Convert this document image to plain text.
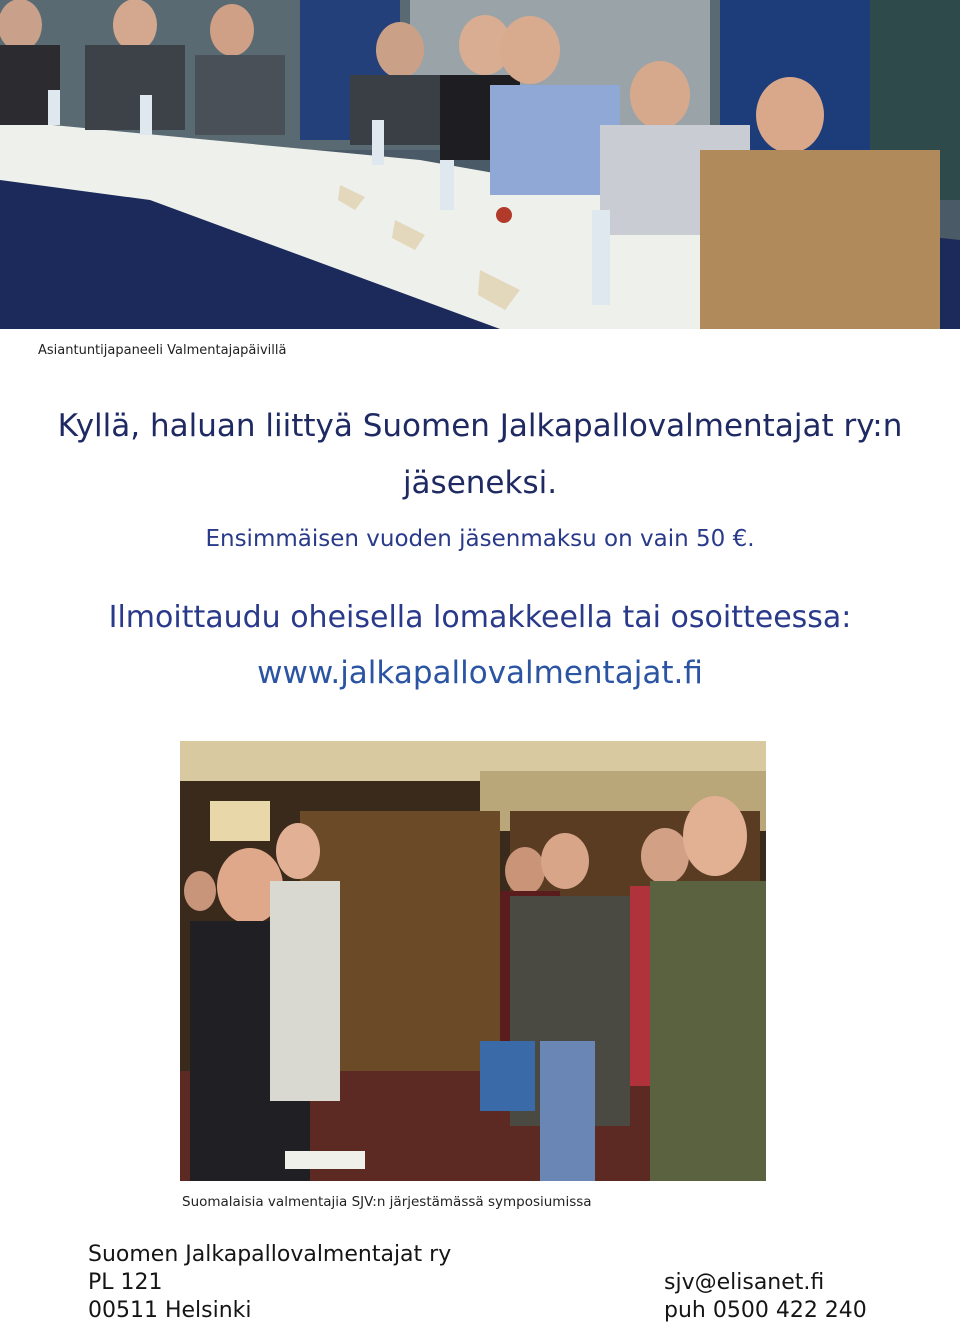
Asiantuntijapaneeli Valmentajapäivillä
Kyllä, haluan liittyä Suomen Jalkapallovalmentajat ry:n
jäseneksi.
Ensimmäisen vuoden jäsenmaksu on vain 50 €.
Ilmoittaudu oheisella lomakkeella tai osoitteessa:
www.jalkapallovalmentajat.fi
Suomalaisia valmentajia SJV:n järjestämässä symposiumissa
Suomen Jalkapallovalmentajat ry
PL 121
00511 Helsinki
sjv@elisanet.fi
puh 0500 422 240
